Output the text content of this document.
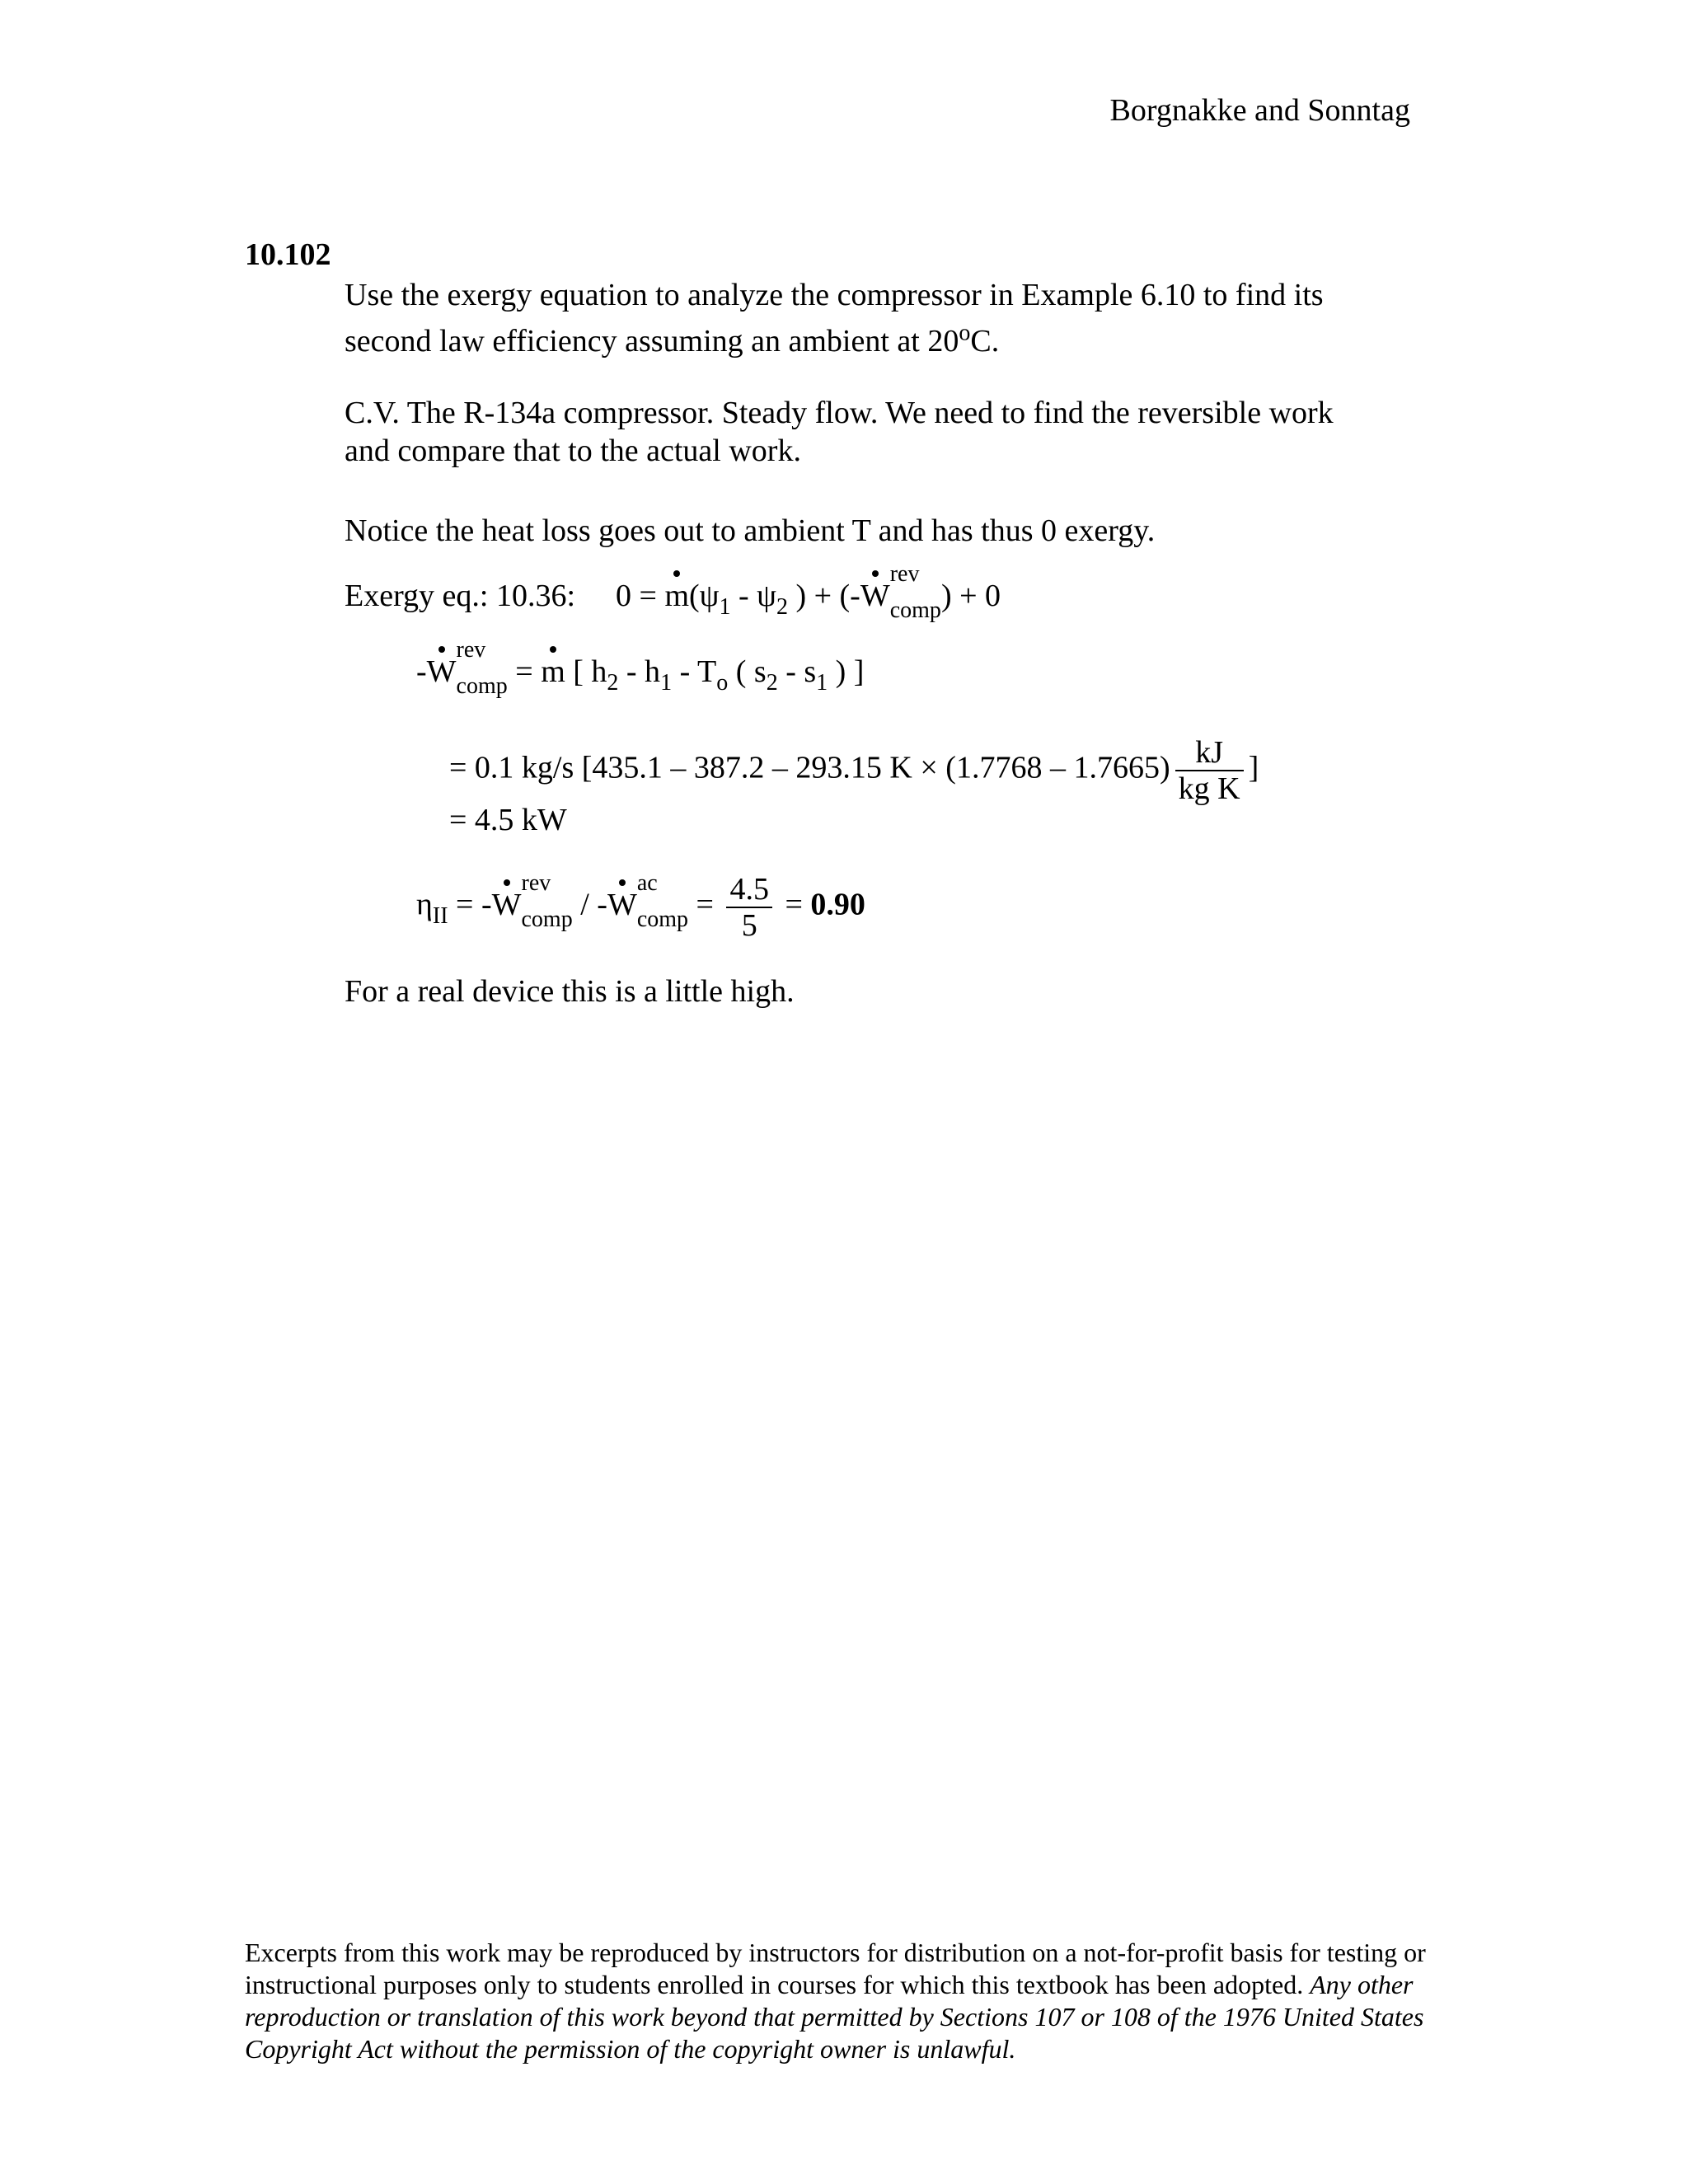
Borgnakke and Sonntag
10.102
Use the exergy equation to analyze the compressor in Example 6.10 to find its
second law efficiency assuming an ambient at 20$^o$C.
C.V. The R-134a compressor. Steady flow. We need to find the reversible work
and compare that to the actual work.
Notice the heat loss goes out to ambient T and has thus 0 exergy.
Exergy eq.: 10.36: $0 = m(\psi_1 - \psi_2$ ) + (-W
rev
comp ) + 0
-W
rev
comp = m [ $h_2 - h_1 - T_o$ ( $s_2 - s_1$ ) ]
= 0.1 kg/s [435.1 – 387.2 – 293.15 $K \times (1.7768 - 1.7665) \frac{kJ}{\text{kg K}}$ ]
= 4.5 kW
$\eta_{II} = -W$
rev
comp / -W
ac
comp = $\frac{4.5}{5} = 0.90$
For a real device this is a little high.
Excerpts from this work may be reproduced by instructors for distribution on a not-for-profit basis for testing or instructional purposes only to students enrolled in courses for which this textbook has been adopted. Any other reproduction or translation of this work beyond that permitted by Sections 107 or 108 of the 1976 United States Copyright Act without the permission of the copyright owner is unlawful.
